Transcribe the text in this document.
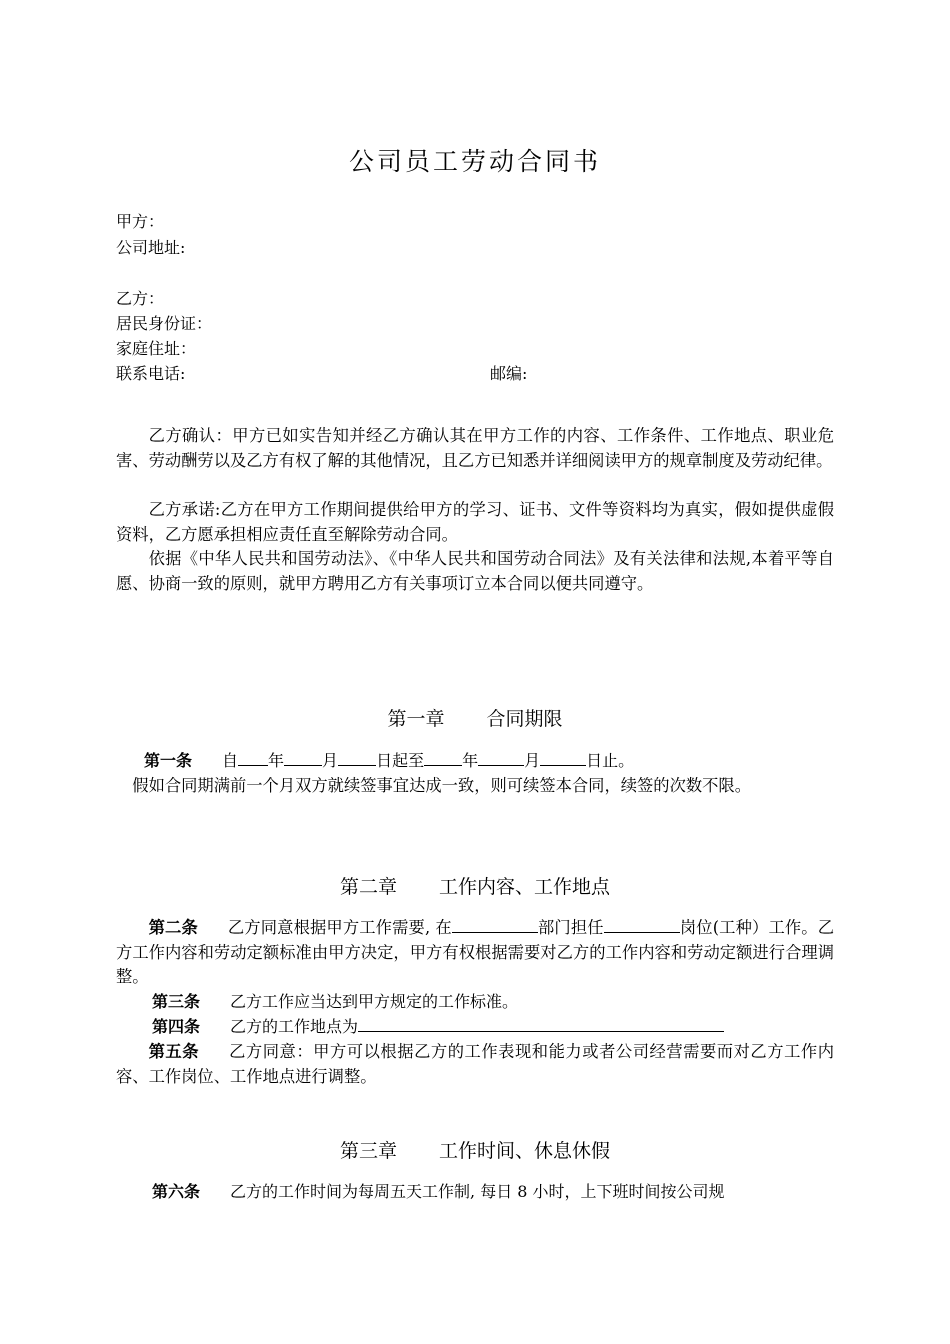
公司员工劳动合同书
甲方：
公司地址:
乙方：
居民身份证：
家庭住址：
联系电话:	邮编:
乙方确认：甲方已如实告知并经乙方确认其在甲方工作的内容、工作条件、工作地点、职业危害、劳动酬劳以及乙方有权了解的其他情况，且乙方已知悉并详细阅读甲方的规章制度及劳动纪律。
乙方承诺:乙方在甲方工作期间提供给甲方的学习、证书、文件等资料均为真实，假如提供虚假资料，乙方愿承担相应责任直至解除劳动合同。
依据《中华人民共和国劳动法》、《中华人民共和国劳动合同法》及有关法律和法规,本着平等自愿、协商一致的原则，就甲方聘用乙方有关事项订立本合同以便共同遵守。
第一章 合同期限
第一条 自 年 月 日起至 年	月	日止。
假如合同期满前一个月双方就续签事宜达成一致，则可续签本合同，续签的次数不限。
第二章 工作内容、工作地点
第二条 乙方同意根据甲方工作需要, 在	部门担任	岗位(工种）工作。乙方工作内容和劳动定额标准由甲方决定，甲方有权根据需要对乙方的工作内容和劳动定额进行合理调整。
第三条 乙方工作应当达到甲方规定的工作标准。
第四条 乙方的工作地点为
第五条 乙方同意：甲方可以根据乙方的工作表现和能力或者公司经营需要而对乙方工作内容、工作岗位、工作地点进行调整。
第三章 工作时间、休息休假
第六条 乙方的工作时间为每周五天工作制, 每日 8 小时，上下班时间按公司规
